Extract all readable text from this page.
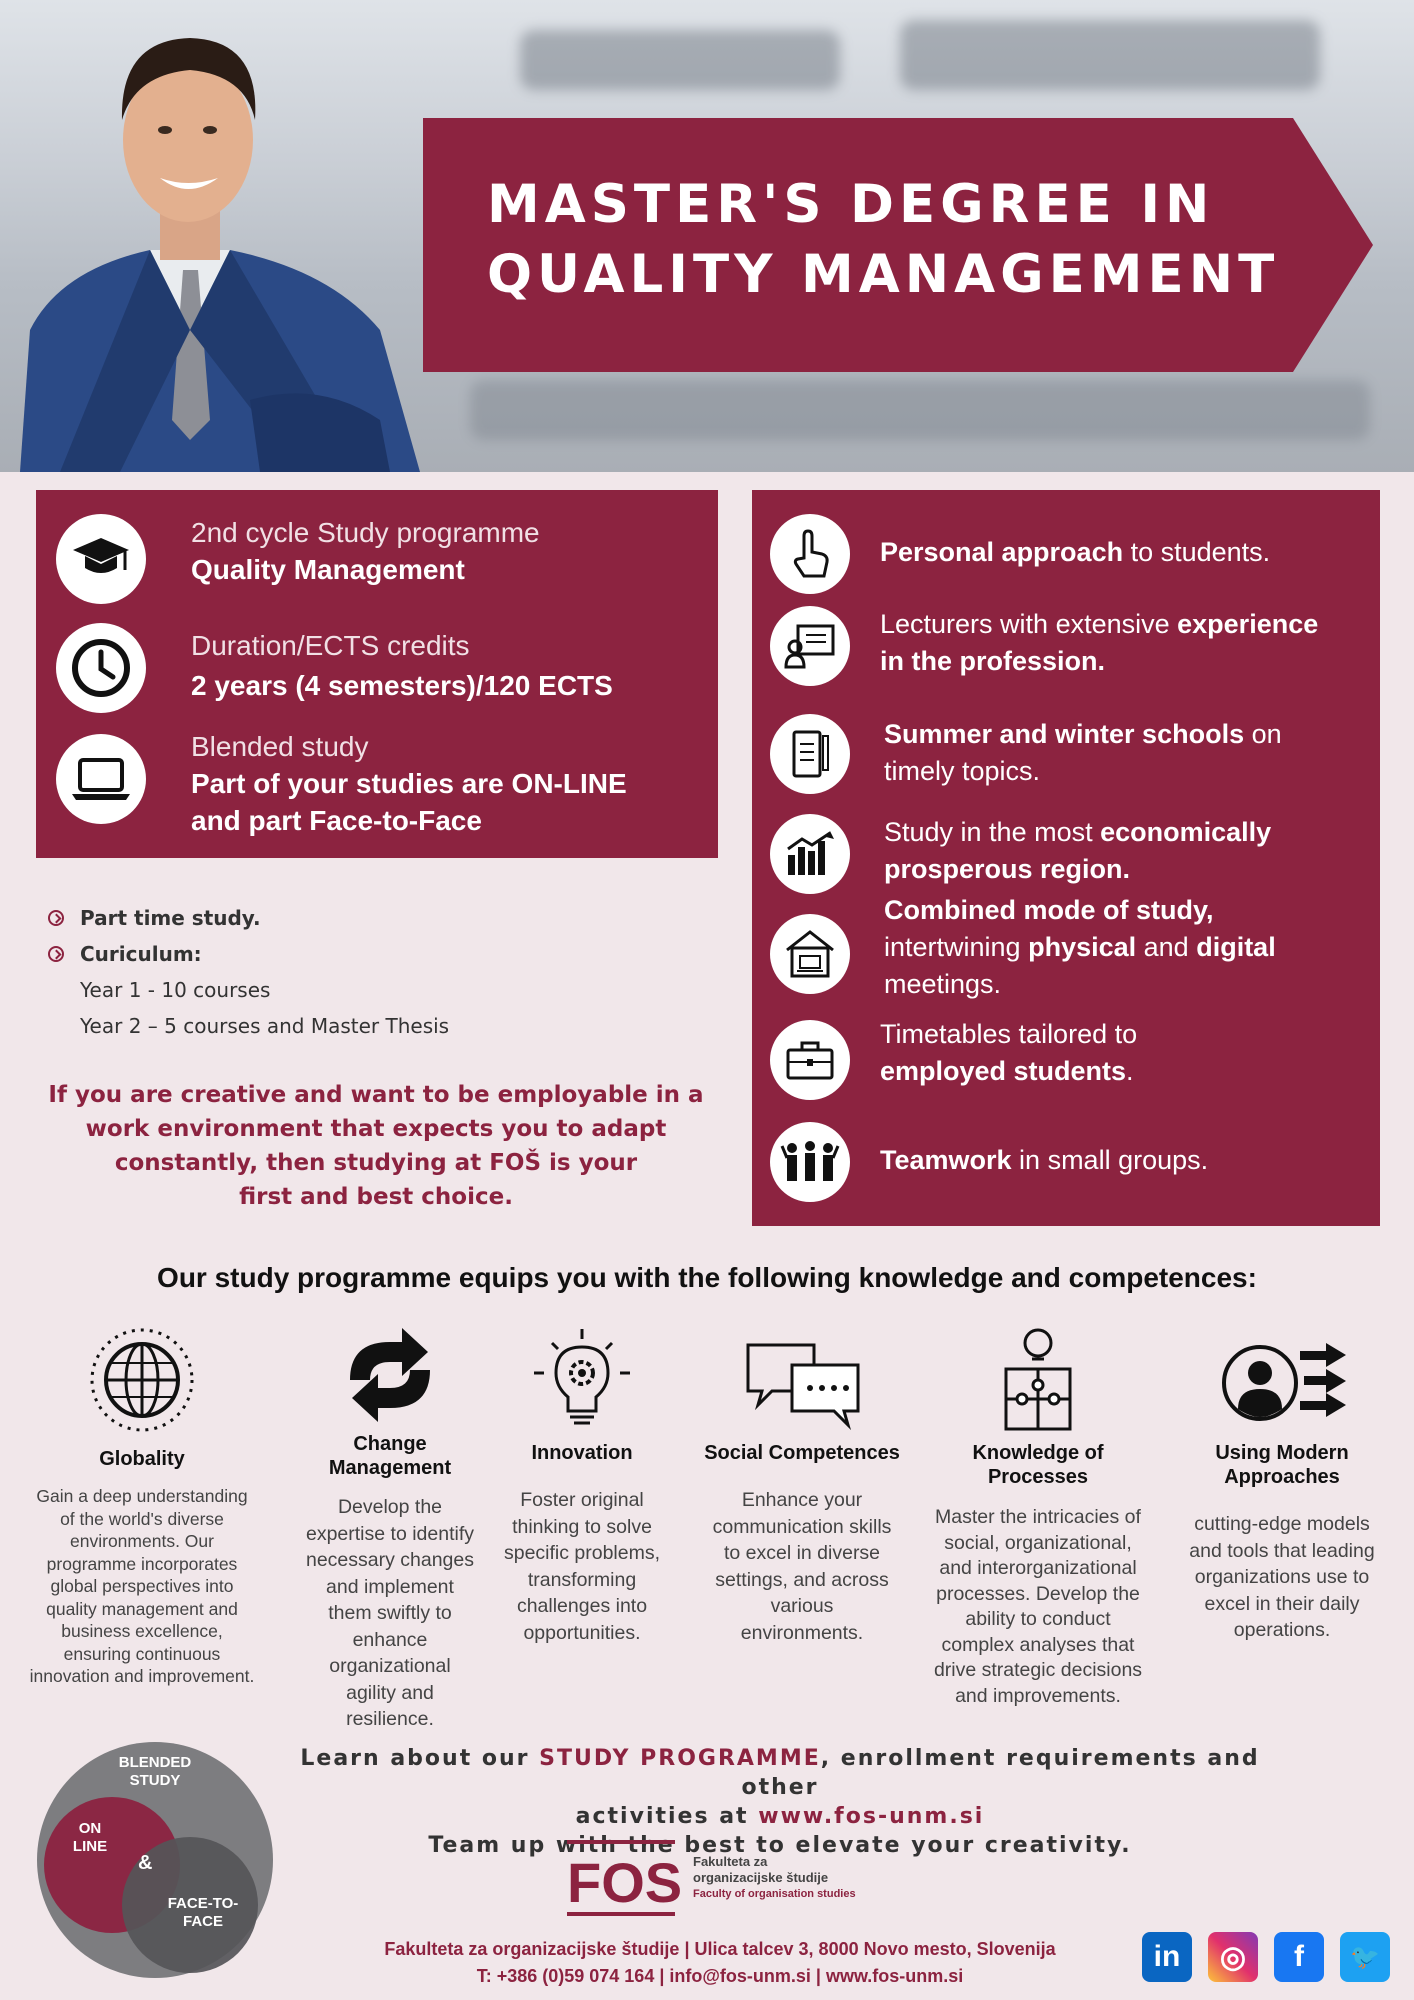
MASTER'S DEGREE IN
QUALITY MANAGEMENT
2nd cycle Study programme
Quality Management
Duration/ECTS credits
2 years (4 semesters)/120 ECTS
Blended study
Part of your studies are ON-LINE
and part Face-to-Face
Part time study.
Curiculum:
Year 1 - 10 courses
Year 2 – 5 courses and Master Thesis
If you are creative and want to be employable in a
work environment that expects you to adapt
constantly, then studying at FOŠ is your
first and best choice.
Personal approach to students.
Lecturers with extensive experience
in the profession.
Summer and winter schools on
timely topics.
Study in the most economically
prosperous region.
Combined mode of study,
intertwining physical and digital
meetings.
Timetables tailored to
employed students.
Teamwork in small groups.
Our study programme equips you with the following knowledge and competences:
Globality
Gain a deep understanding of the world's diverse environments. Our programme incorporates global perspectives into quality management and business excellence, ensuring continuous innovation and improvement.
Change Management
Develop the expertise to identify necessary changes and implement them swiftly to enhance organizational agility and resilience.
Innovation
Foster original thinking to solve specific problems, transforming challenges into opportunities.
Social Competences
Enhance your communication skills to excel in diverse settings, and across various environments.
Knowledge of Processes
Master the intricacies of social, organizational, and interorganizational processes. Develop the ability to conduct complex analyses that drive strategic decisions and improvements.
Using Modern Approaches
cutting-edge models and tools that leading organizations use to excel in their daily operations.
BLENDED
STUDY
ON
LINE
&
FACE-TO-
FACE
Learn about our STUDY PROGRAMME, enrollment requirements and other
activities at www.fos-unm.si
Team up with the best to elevate your creativity.
FOS Fakulteta za
organizacijske študije
Faculty of organisation studies
Fakulteta za organizacijske študije | Ulica talcev 3, 8000 Novo mesto, Slovenija
T: +386 (0)59 074 164 | info@fos-unm.si | www.fos-unm.si
in ◎ f 🐦
